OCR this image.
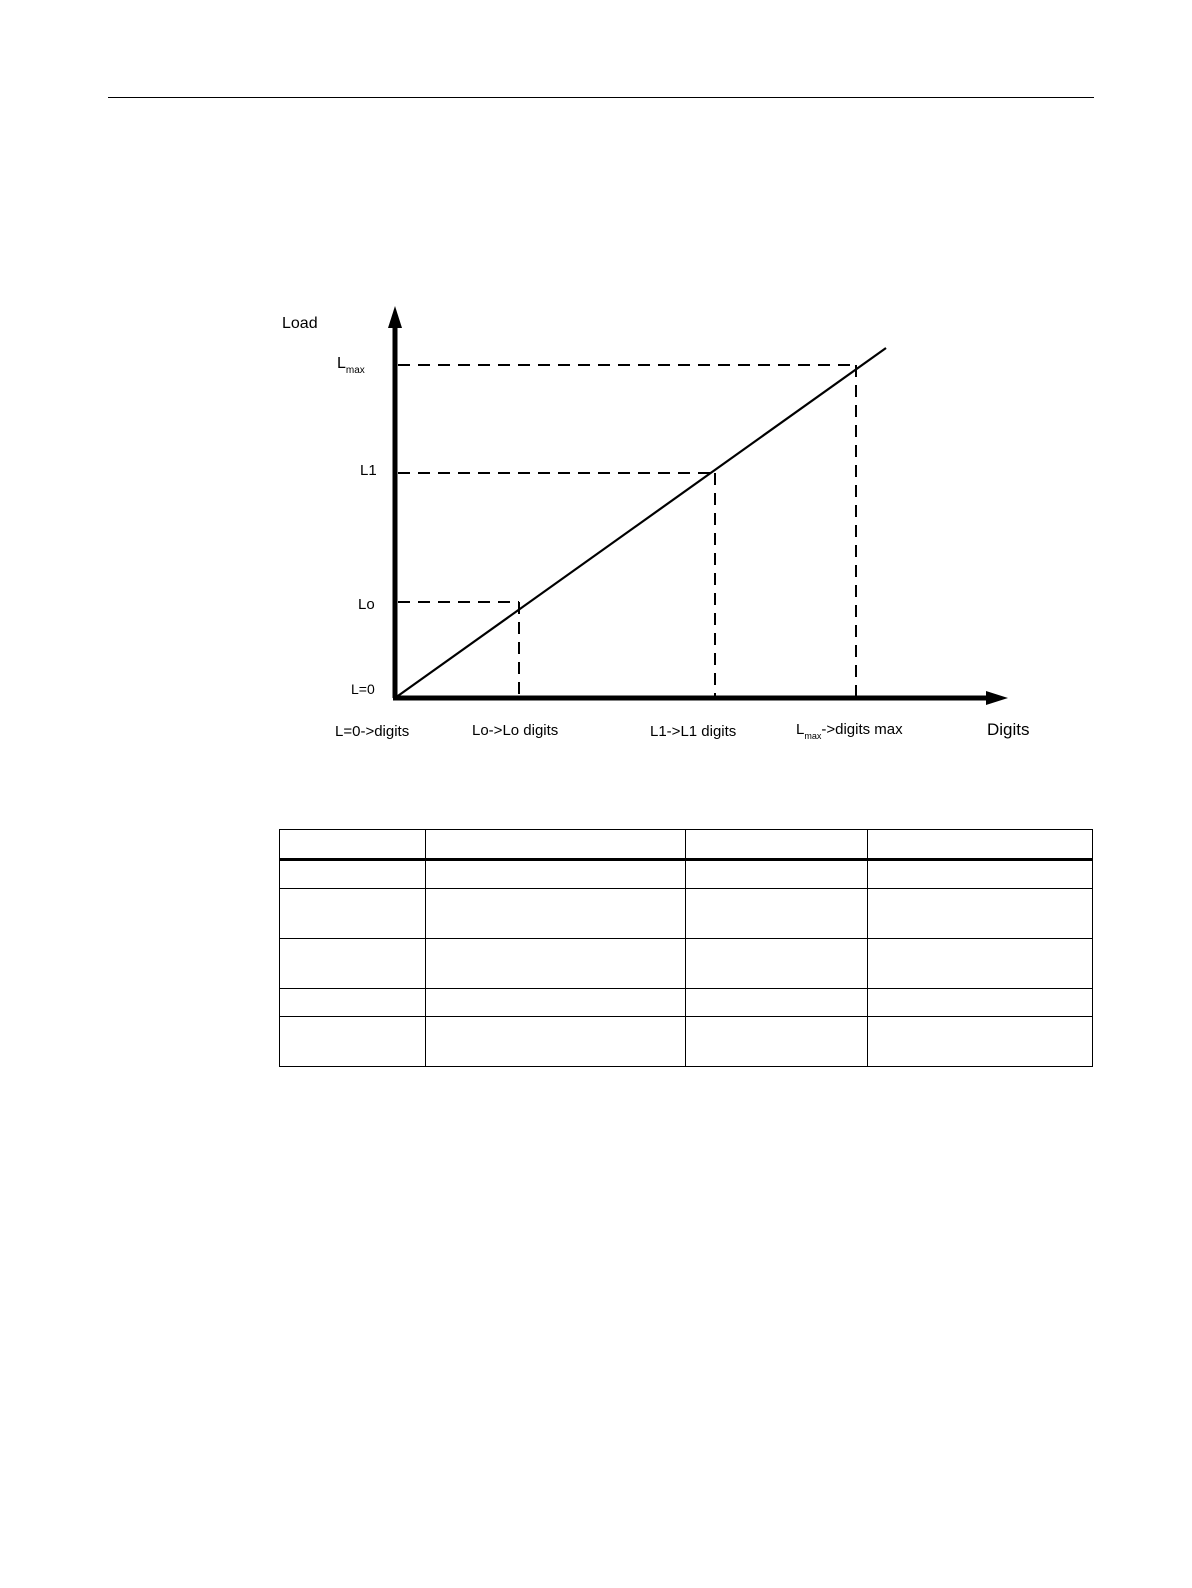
Load
$L_{max}$
L1
Lo
L=0
L=0->digits	Lo->Lo digits	L1->L1 digits	$L_{max}->digits$ max	Digits
